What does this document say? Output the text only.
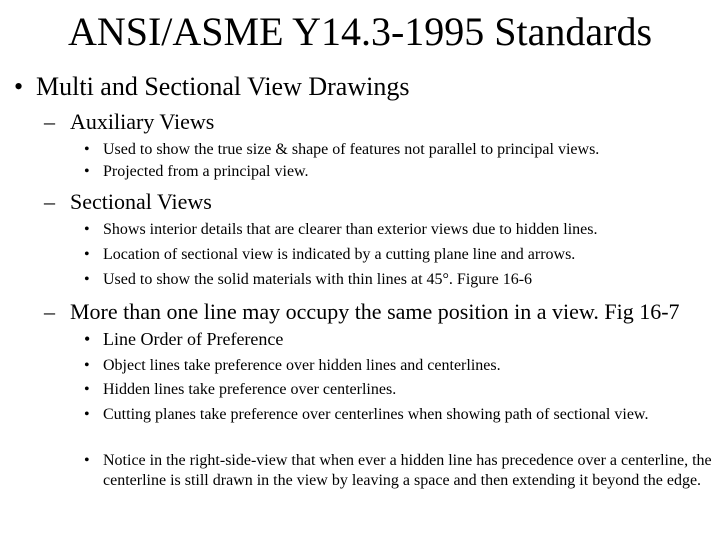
ANSI/ASME Y14.3-1995 Standards
• Multi and Sectional View Drawings
– Auxiliary Views
• Used to show the true size & shape of features not parallel to principal views.
• Projected from a principal view.
– Sectional Views
• Shows interior details that are clearer than exterior views due to hidden lines.
• Location of sectional view is indicated by a cutting plane line and arrows.
• Used to show the solid materials with thin lines at 45°. Figure 16-6
– More than one line may occupy the same position in a view. Fig 16-7
• Line Order of Preference
• Object lines take preference over hidden lines and centerlines.
• Hidden lines take preference over centerlines.
• Cutting planes take preference over centerlines when showing path of sectional view.
• Notice in the right-side-view that when ever a hidden line has precedence over a centerline, the centerline is still drawn in the view by leaving a space and then extending it beyond the edge.
